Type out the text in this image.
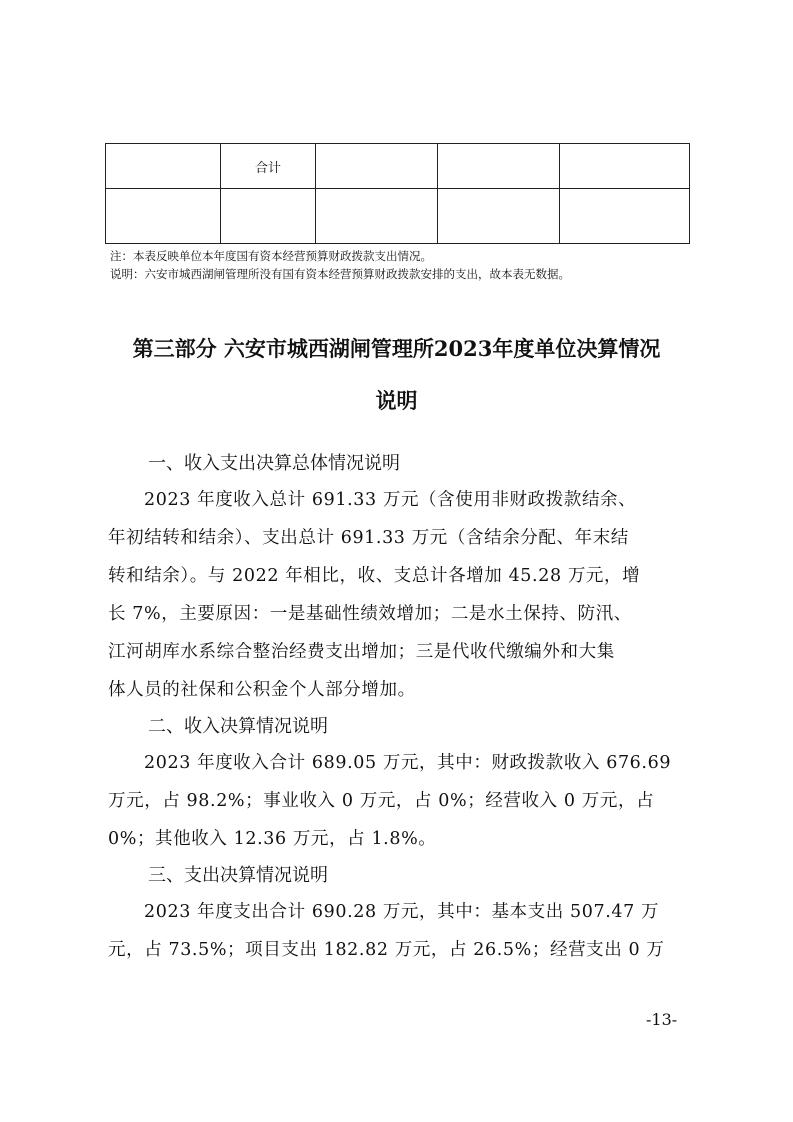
	合计			

注：本表反映单位本年度国有资本经营预算财政拨款支出情况。
说明：六安市城西湖闸管理所没有国有资本经营预算财政拨款安排的支出，故本表无数据。
第三部分 六安市城西湖闸管理所2023年度单位决算情况
说明
一、收入支出决算总体情况说明
2023 年度收入总计 691.33 万元（含使用非财政拨款结余、
年初结转和结余）、支出总计 691.33 万元（含结余分配、年末结
转和结余）。与 2022 年相比，收、支总计各增加 45.28 万元，增
长 7%，主要原因：一是基础性绩效增加；二是水土保持、防汛、
江河胡库水系综合整治经费支出增加；三是代收代缴编外和大集
体人员的社保和公积金个人部分增加。
二、收入决算情况说明
2023 年度收入合计 689.05 万元，其中：财政拨款收入 676.69
万元，占 98.2%；事业收入 0 万元，占 0%；经营收入 0 万元，占
0%；其他收入 12.36 万元，占 1.8%。
三、支出决算情况说明
2023 年度支出合计 690.28 万元，其中：基本支出 507.47 万
元，占 73.5%；项目支出 182.82 万元，占 26.5%；经营支出 0 万
-13-
